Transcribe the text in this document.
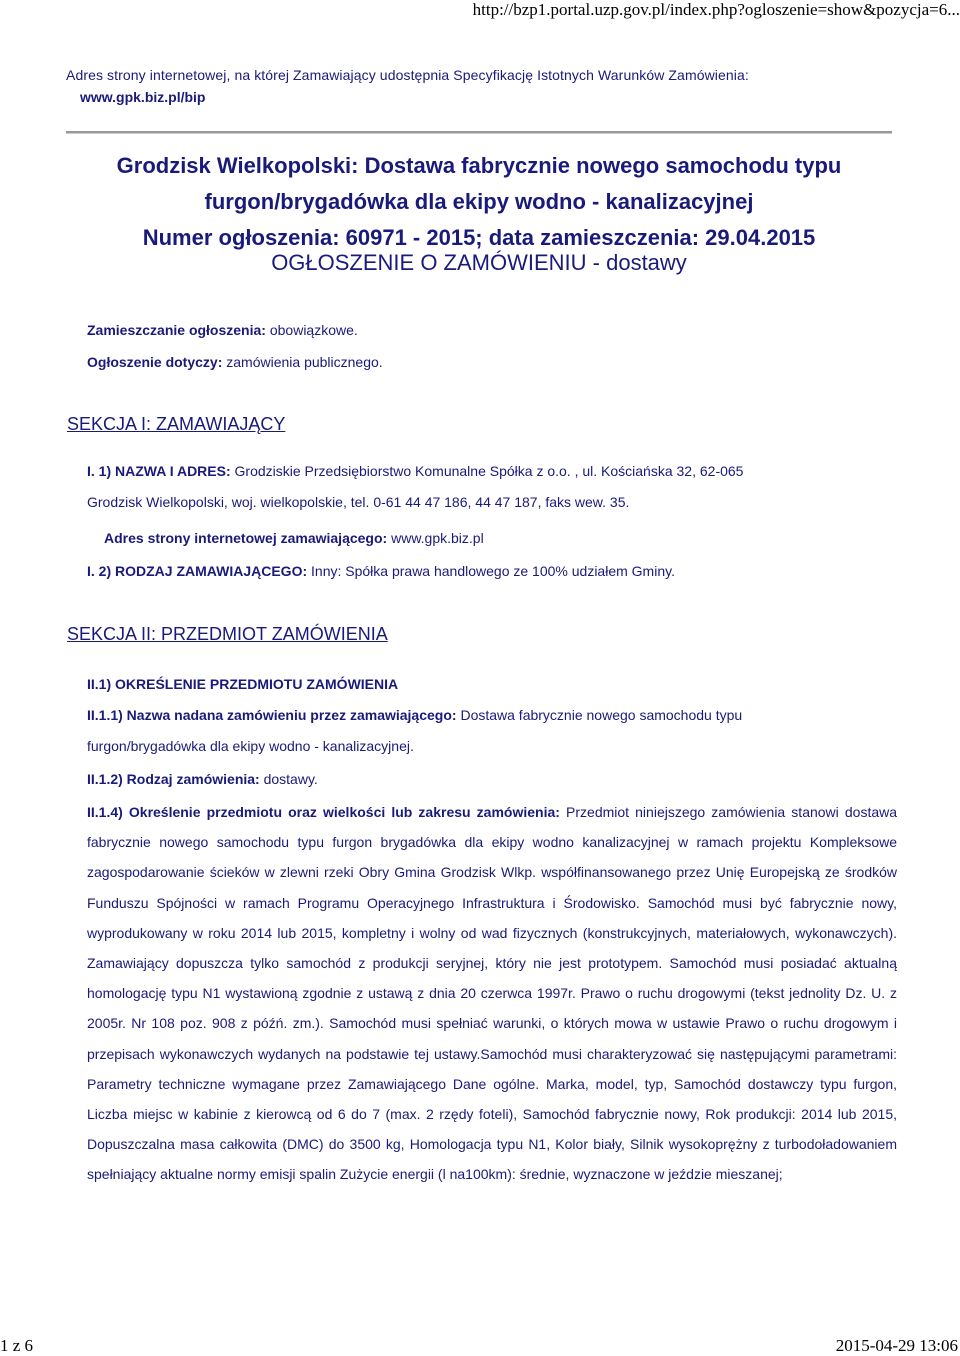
http://bzp1.portal.uzp.gov.pl/index.php?ogloszenie=show&pozycja=6...
Adres strony internetowej, na której Zamawiający udostępnia Specyfikację Istotnych Warunków Zamówienia:
www.gpk.biz.pl/bip
Grodzisk Wielkopolski: Dostawa fabrycznie nowego samochodu typu
furgon/brygadówka dla ekipy wodno - kanalizacyjnej
Numer ogłoszenia: 60971 - 2015; data zamieszczenia: 29.04.2015
OGŁOSZENIE O ZAMÓWIENIU - dostawy
Zamieszczanie ogłoszenia: obowiązkowe.
Ogłoszenie dotyczy: zamówienia publicznego.
SEKCJA I: ZAMAWIAJĄCY
I. 1) NAZWA I ADRES: Grodziskie Przedsiębiorstwo Komunalne Spółka z o.o. , ul. Kościańska 32, 62-065
Grodzisk Wielkopolski, woj. wielkopolskie, tel. 0-61 44 47 186, 44 47 187, faks wew. 35.
Adres strony internetowej zamawiającego: www.gpk.biz.pl
I. 2) RODZAJ ZAMAWIAJĄCEGO: Inny: Spółka prawa handlowego ze 100% udziałem Gminy.
SEKCJA II: PRZEDMIOT ZAMÓWIENIA
II.1) OKREŚLENIE PRZEDMIOTU ZAMÓWIENIA
II.1.1) Nazwa nadana zamówieniu przez zamawiającego: Dostawa fabrycznie nowego samochodu typu
furgon/brygadówka dla ekipy wodno - kanalizacyjnej.
II.1.2) Rodzaj zamówienia: dostawy.
II.1.4) Określenie przedmiotu oraz wielkości lub zakresu zamówienia: Przedmiot niniejszego zamówienia stanowi dostawa fabrycznie nowego samochodu typu furgon brygadówka dla ekipy wodno kanalizacyjnej w ramach projektu Kompleksowe zagospodarowanie ścieków w zlewni rzeki Obry Gmina Grodzisk Wlkp. współfinansowanego przez Unię Europejską ze środków Funduszu Spójności w ramach Programu Operacyjnego Infrastruktura i Środowisko. Samochód musi być fabrycznie nowy, wyprodukowany w roku 2014 lub 2015, kompletny i wolny od wad fizycznych (konstrukcyjnych, materiałowych, wykonawczych). Zamawiający dopuszcza tylko samochód z produkcji seryjnej, który nie jest prototypem. Samochód musi posiadać aktualną homologację typu N1 wystawioną zgodnie z ustawą z dnia 20 czerwca 1997r. Prawo o ruchu drogowymi (tekst jednolity Dz. U. z 2005r. Nr 108 poz. 908 z późń. zm.). Samochód musi spełniać warunki, o których mowa w ustawie Prawo o ruchu drogowym i przepisach wykonawczych wydanych na podstawie tej ustawy.Samochód musi charakteryzować się następującymi parametrami: Parametry techniczne wymagane przez Zamawiającego Dane ogólne. Marka, model, typ, Samochód dostawczy typu furgon, Liczba miejsc w kabinie z kierowcą od 6 do 7 (max. 2 rzędy foteli), Samochód fabrycznie nowy, Rok produkcji: 2014 lub 2015, Dopuszczalna masa całkowita (DMC) do 3500 kg, Homologacja typu N1, Kolor biały, Silnik wysokoprężny z turbodoładowaniem spełniający aktualne normy emisji spalin Zużycie energii (l na100km): średnie, wyznaczone w jeździe mieszanej;
1 z 6	2015-04-29 13:06
